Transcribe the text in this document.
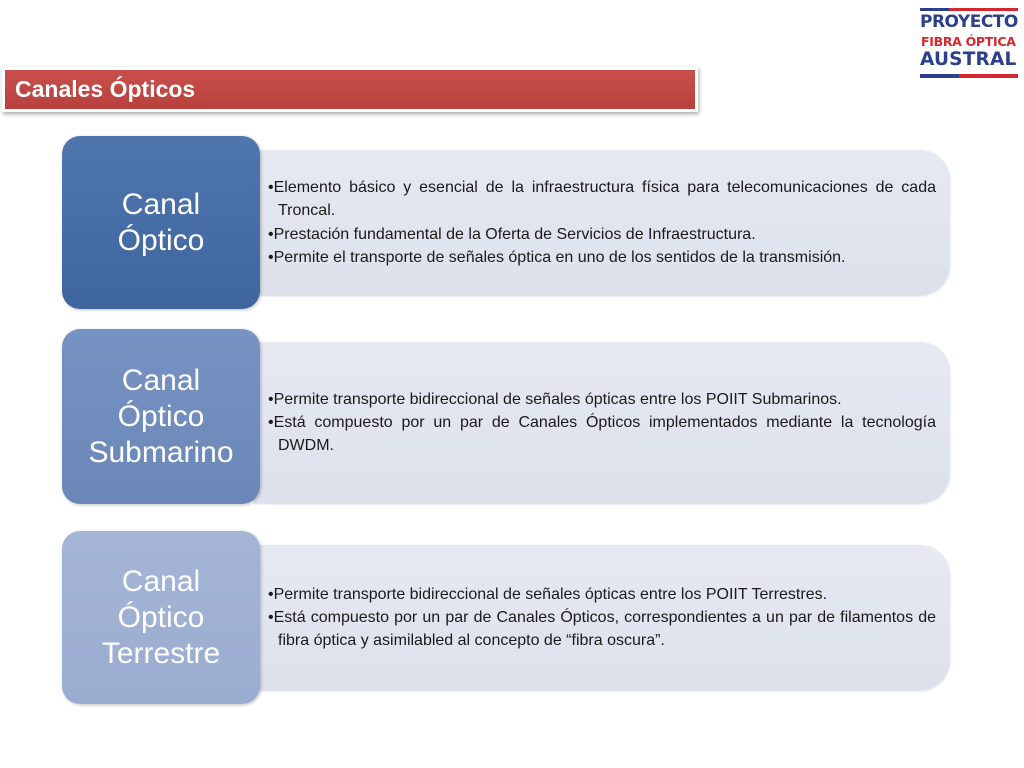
PROYECTO
FIBRA ÓPTICA
AUSTRAL
Canales Ópticos

•Elemento básico y esencial de la infraestructura física para telecomunicaciones de cada Troncal.

•Prestación fundamental de la Oferta de Servicios de Infraestructura.

•Permite el transporte de señales óptica en uno de los sentidos de la transmisión.

Canal
Óptico

•Permite transporte bidireccional de señales ópticas entre los POIIT Submarinos.

•Está compuesto por un par de Canales Ópticos implementados mediante la tecnología DWDM.

Canal
Óptico
Submarino

•Permite transporte bidireccional de señales ópticas entre los POIIT Terrestres.

•Está compuesto por un par de Canales Ópticos, correspondientes a un par de filamentos de fibra óptica y asimilabled al concepto de “fibra oscura”.

Canal
Óptico
Terrestre
